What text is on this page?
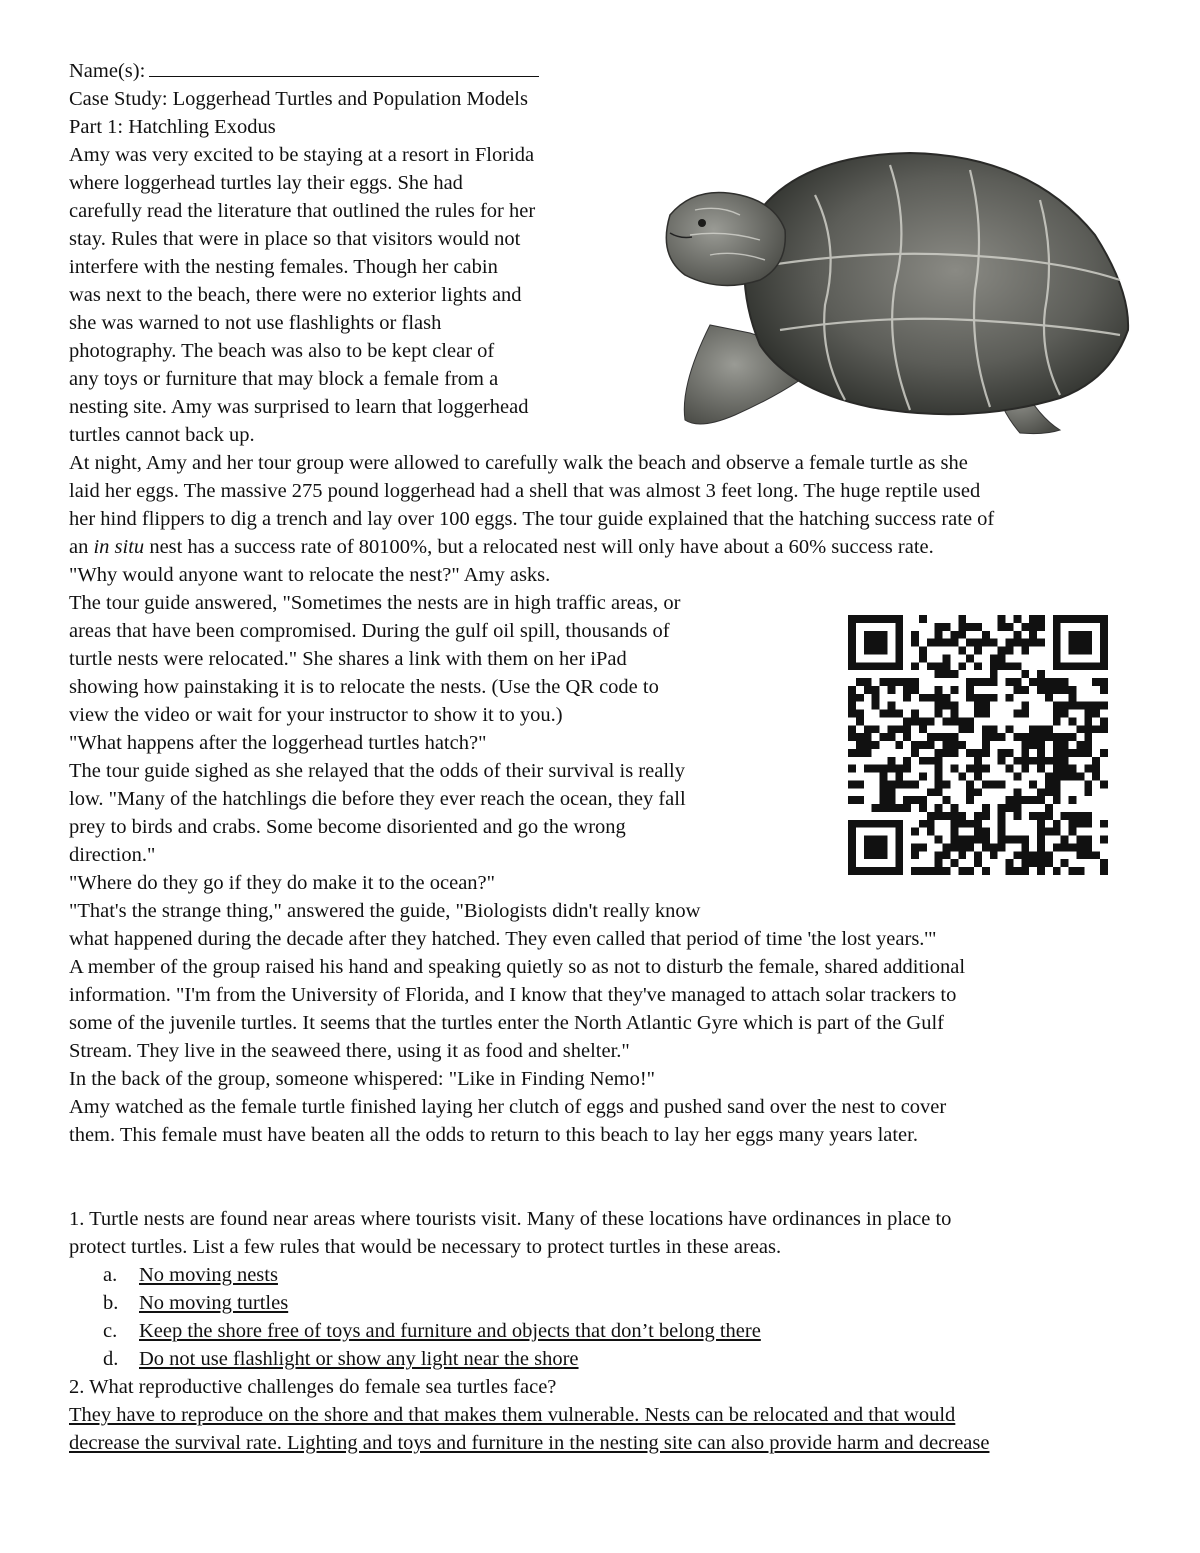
Name(s):
Case Study: Loggerhead Turtles and Population Models
Part 1: Hatchling Exodus
Amy was very excited to be staying at a resort in Florida
where loggerhead turtles lay their eggs. She had
carefully read the literature that outlined the rules for her
stay. Rules that were in place so that visitors would not
interfere with the nesting females. Though her cabin
was next to the beach, there were no exterior lights and
she was warned to not use flashlights or flash
photography. The beach was also to be kept clear of
any toys or furniture that may block a female from a
nesting site. Amy was surprised to learn that loggerhead
turtles cannot back up.
At night, Amy and her tour group were allowed to carefully walk the beach and observe a female turtle as she
laid her eggs. The massive 275 pound loggerhead had a shell that was almost 3 feet long. The huge reptile used
her hind flippers to dig a trench and lay over 100 eggs. The tour guide explained that the hatching success rate of
an in situ nest has a success rate of 80100%, but a relocated nest will only have about a 60% success rate.
"Why would anyone want to relocate the nest?" Amy asks.
The tour guide answered, "Sometimes the nests are in high traffic areas, or
areas that have been compromised. During the gulf oil spill, thousands of
turtle nests were relocated." She shares a link with them on her iPad
showing how painstaking it is to relocate the nests. (Use the QR code to
view the video or wait for your instructor to show it to you.)
"What happens after the loggerhead turtles hatch?"
The tour guide sighed as she relayed that the odds of their survival is really
low. "Many of the hatchlings die before they ever reach the ocean, they fall
prey to birds and crabs. Some become disoriented and go the wrong
direction."
"Where do they go if they do make it to the ocean?"
"That's the strange thing," answered the guide, "Biologists didn't really know
what happened during the decade after they hatched. They even called that period of time 'the lost years.'"
A member of the group raised his hand and speaking quietly so as not to disturb the female, shared additional
information. "I'm from the University of Florida, and I know that they've managed to attach solar trackers to
some of the juvenile turtles. It seems that the turtles enter the North Atlantic Gyre which is part of the Gulf
Stream. They live in the seaweed there, using it as food and shelter."
In the back of the group, someone whispered: "Like in Finding Nemo!"
Amy watched as the female turtle finished laying her clutch of eggs and pushed sand over the nest to cover
them. This female must have beaten all the odds to return to this beach to lay her eggs many years later.
1. Turtle nests are found near areas where tourists visit. Many of these locations have ordinances in place to
protect turtles. List a few rules that would be necessary to protect turtles in these areas.
a. No moving nests
b. No moving turtles
c. Keep the shore free of toys and furniture and objects that don’t belong there
d. Do not use flashlight or show any light near the shore
2. What reproductive challenges do female sea turtles face?
They have to reproduce on the shore and that makes them vulnerable. Nests can be relocated and that would
decrease the survival rate. Lighting and toys and furniture in the nesting site can also provide harm and decrease
